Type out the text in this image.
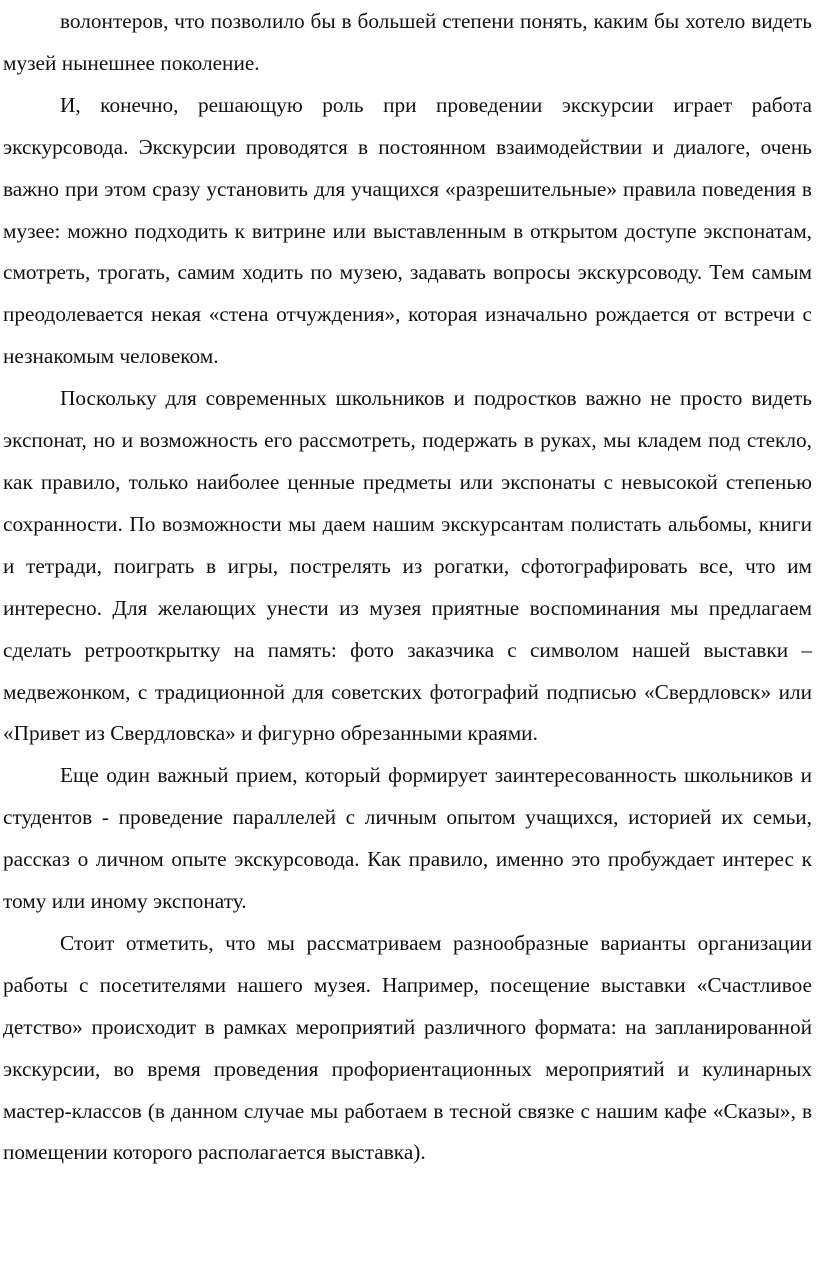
волонтеров, что позволило бы в большей степени понять, каким бы хотело видеть музей нынешнее поколение.

И, конечно, решающую роль при проведении экскурсии играет работа экскурсовода. Экскурсии проводятся в постоянном взаимодействии и диалоге, очень важно при этом сразу установить для учащихся «разрешительные» правила поведения в музее: можно подходить к витрине или выставленным в открытом доступе экспонатам, смотреть, трогать, самим ходить по музею, задавать вопросы экскурсоводу. Тем самым преодолевается некая «стена отчуждения», которая изначально рождается от встречи с незнакомым человеком.

Поскольку для современных школьников и подростков важно не просто видеть экспонат, но и возможность его рассмотреть, подержать в руках, мы кладем под стекло, как правило, только наиболее ценные предметы или экспонаты с невысокой степенью сохранности. По возможности мы даем нашим экскурсантам полистать альбомы, книги и тетради, поиграть в игры, пострелять из рогатки, сфотографировать все, что им интересно. Для желающих унести из музея приятные воспоминания мы предлагаем сделать ретрооткрытку на память: фото заказчика с символом нашей выставки – медвежонком, с традиционной для советских фотографий подписью «Свердловск» или «Привет из Свердловска» и фигурно обрезанными краями.

Еще один важный прием, который формирует заинтересованность школьников и студентов - проведение параллелей с личным опытом учащихся, историей их семьи, рассказ о личном опыте экскурсовода. Как правило, именно это пробуждает интерес к тому или иному экспонату.

Стоит отметить, что мы рассматриваем разнообразные варианты организации работы с посетителями нашего музея. Например, посещение выставки «Счастливое детство» происходит в рамках мероприятий различного формата: на запланированной экскурсии, во время проведения профориентационных мероприятий и кулинарных мастер-классов (в данном случае мы работаем в тесной связке с нашим кафе «Сказы», в помещении которого располагается выставка).
